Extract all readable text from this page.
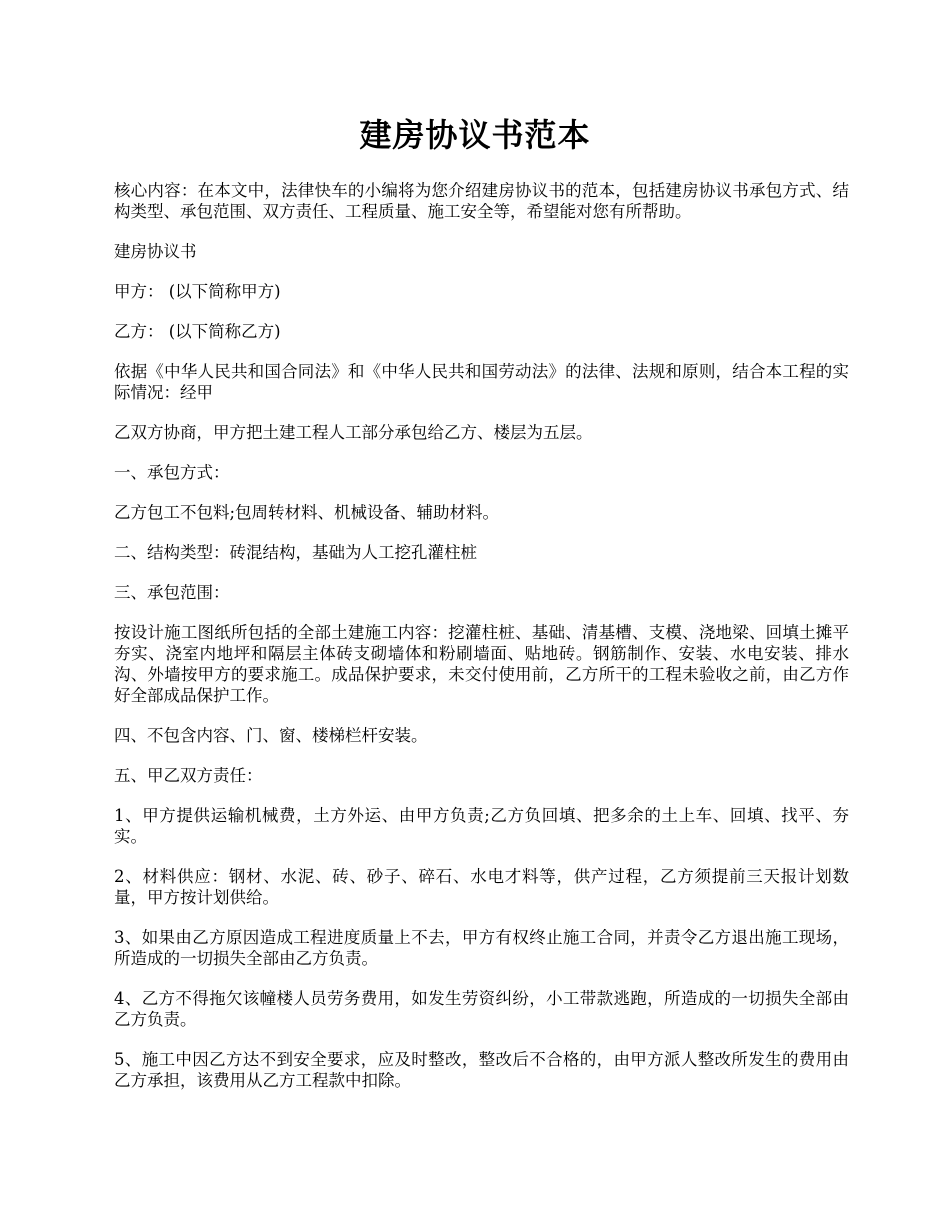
建房协议书范本

核心内容：在本文中，法律快车的小编将为您介绍建房协议书的范本，包括建房协议书承包方式、结构类型、承包范围、双方责任、工程质量、施工安全等，希望能对您有所帮助。

建房协议书

甲方： (以下简称甲方)

乙方： (以下简称乙方)

依据《中华人民共和国合同法》和《中华人民共和国劳动法》的法律、法规和原则，结合本工程的实际情况：经甲

乙双方协商，甲方把土建工程人工部分承包给乙方、楼层为五层。

一、承包方式：

乙方包工不包料;包周转材料、机械设备、辅助材料。

二、结构类型：砖混结构，基础为人工挖孔灌柱桩

三、承包范围：

按设计施工图纸所包括的全部土建施工内容：挖灌柱桩、基础、清基槽、支模、浇地梁、回填土摊平夯实、浇室内地坪和隔层主体砖支砌墙体和粉刷墙面、贴地砖。钢筋制作、安装、水电安装、排水沟、外墙按甲方的要求施工。成品保护要求，未交付使用前，乙方所干的工程未验收之前，由乙方作好全部成品保护工作。

四、不包含内容、门、窗、楼梯栏杆安装。

五、甲乙双方责任：

1、甲方提供运输机械费，土方外运、由甲方负责;乙方负回填、把多余的土上车、回填、找平、夯实。

2、材料供应：钢材、水泥、砖、砂子、碎石、水电才料等，供产过程，乙方须提前三天报计划数量，甲方按计划供给。

3、如果由乙方原因造成工程进度质量上不去，甲方有权终止施工合同，并责令乙方退出施工现场，所造成的一切损失全部由乙方负责。

4、乙方不得拖欠该幢楼人员劳务费用，如发生劳资纠纷，小工带款逃跑，所造成的一切损失全部由乙方负责。

5、施工中因乙方达不到安全要求，应及时整改，整改后不合格的，由甲方派人整改所发生的费用由乙方承担，该费用从乙方工程款中扣除。
